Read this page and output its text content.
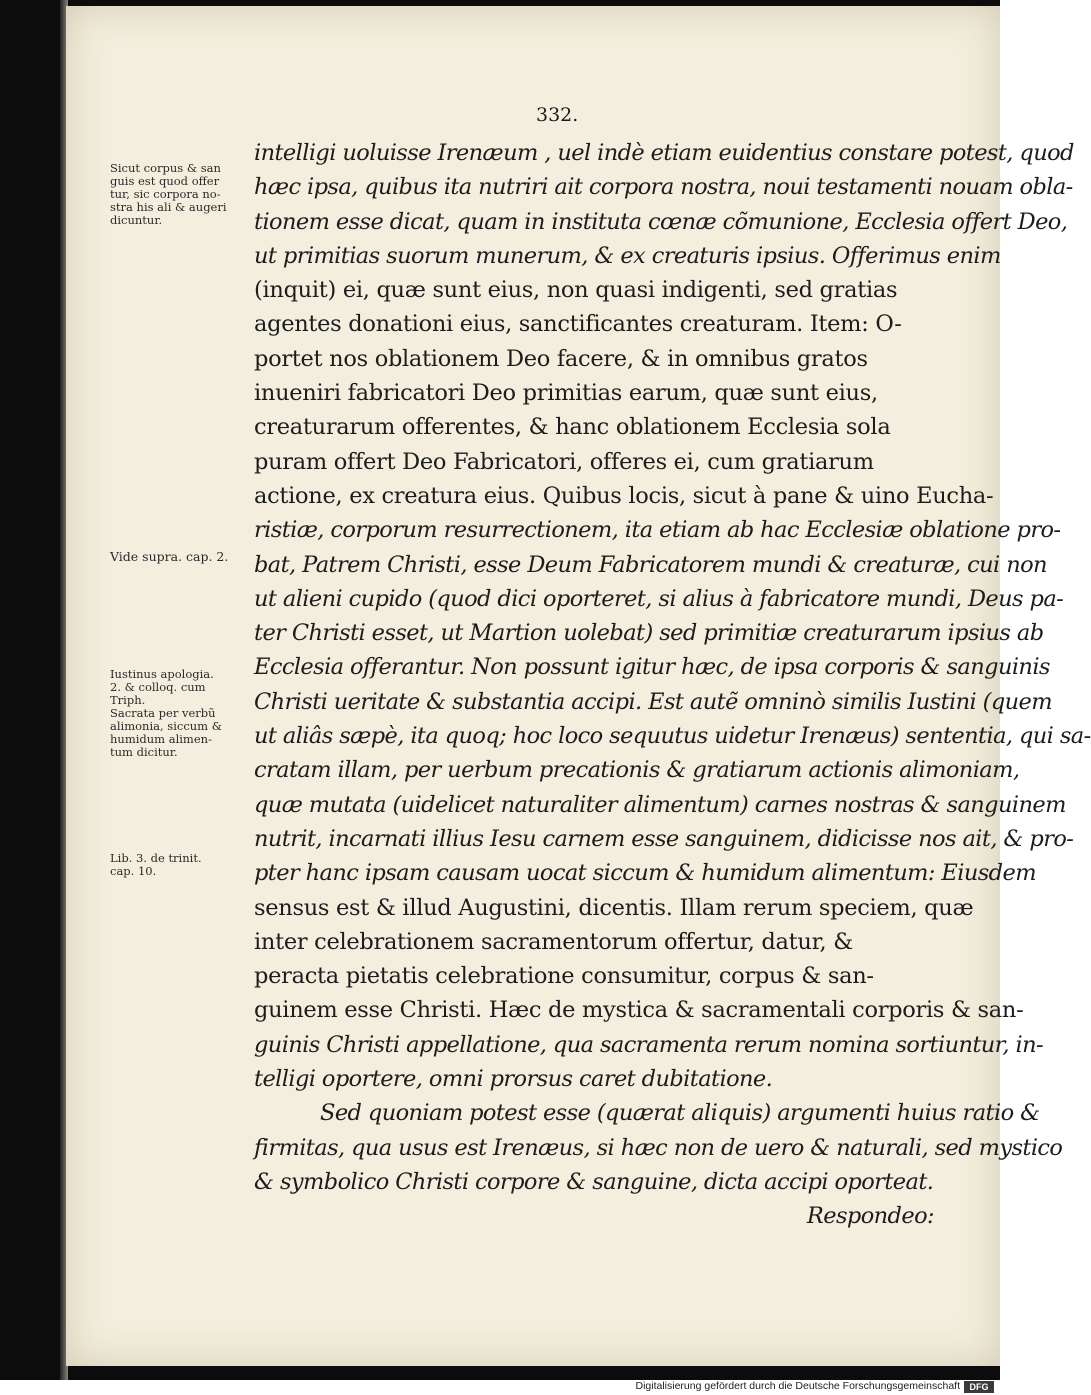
332.
intelligi uoluisse Irenæum , uel indè etiam euidentius constare potest, quod
hæc ipsa, quibus ita nutriri ait corpora nostra, noui testamenti nouam obla-
tionem esse dicat, quam in instituta cœnæ cõmunione, Ecclesia offert Deo,
ut primitias suorum munerum, & ex creaturis ipsius. Offerimus enim
(inquit) ei, quæ sunt eius, non quasi indigenti, sed gratias
agentes donationi eius, sanctificantes creaturam. Item: O-
portet nos oblationem Deo facere, & in omnibus gratos
inueniri fabricatori Deo primitias earum, quæ sunt eius,
creaturarum offerentes, & hanc oblationem Ecclesia sola
puram offert Deo Fabricatori, offeres ei, cum gratiarum
actione, ex creatura eius. Quibus locis, sicut à pane & uino Eucha-
ristiæ, corporum resurrectionem, ita etiam ab hac Ecclesiæ oblatione pro-
bat, Patrem Christi, esse Deum Fabricatorem mundi & creaturæ, cui non
ut alieni cupido (quod dici oporteret, si alius à fabricatore mundi, Deus pa-
ter Christi esset, ut Martion uolebat) sed primitiæ creaturarum ipsius ab
Ecclesia offerantur. Non possunt igitur hæc, de ipsa corporis & sanguinis
Christi ueritate & substantia accipi. Est autẽ omninò similis Iustini (quem
ut aliâs sæpè, ita quoq; hoc loco sequutus uidetur Irenæus) sententia, qui sa-
cratam illam, per uerbum precationis & gratiarum actionis alimoniam,
quæ mutata (uidelicet naturaliter alimentum) carnes nostras & sanguinem
nutrit, incarnati illius Iesu carnem esse sanguinem, didicisse nos ait, & pro-
pter hanc ipsam causam uocat siccum & humidum alimentum: Eiusdem
sensus est & illud Augustini, dicentis. Illam rerum speciem, quæ
inter celebrationem sacramentorum offertur, datur, &
peracta pietatis celebratione consumitur, corpus & san-
guinem esse Christi. Hæc de mystica & sacramentali corporis & san-
guinis Christi appellatione, qua sacramenta rerum nomina sortiuntur, in-
telligi oportere, omni prorsus caret dubitatione.
Sed quoniam potest esse (quærat aliquis) argumenti huius ratio &
firmitas, qua usus est Irenæus, si hæc non de uero & naturali, sed mystico
& symbolico Christi corpore & sanguine, dicta accipi oporteat.
Respondeo:
Sicut corpus & san
guis est quod offer
tur, sic corpora no-
stra his ali & augeri
dicuntur.
Vide supra. cap. 2.
Iustinus apologia.
2. & colloq. cum
Triph.
Sacrata per verbũ
alimonia, siccum &
humidum alimen-
tum dicitur.
Lib. 3. de trinit.
cap. 10.
Digitalisierung gefördert durch die Deutsche Forschungsgemeinschaft	DFG
